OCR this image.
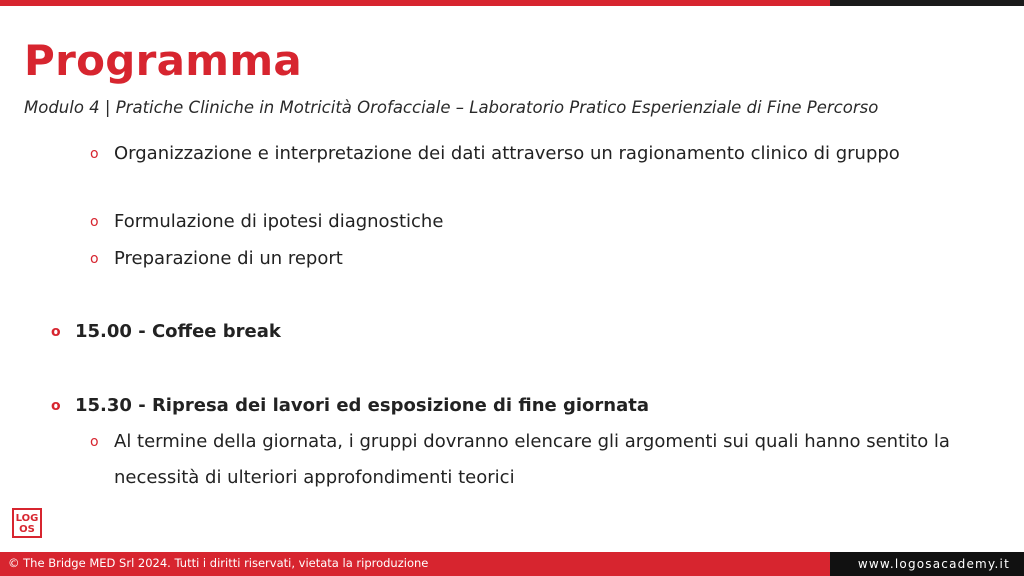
Programma

Modulo 4 | Pratiche Cliniche in Motricità Orofacciale – Laboratorio Pratico Esperienziale di Fine Percorso

o Organizzazione e interpretazione dei dati attraverso un ragionamento clinico di gruppo
o Formulazione di ipotesi diagnostiche
o Preparazione di un report
o 15.00 - Coffee break
o 15.30 - Ripresa dei lavori ed esposizione di fine giornata
o Al termine della giornata, i gruppi dovranno elencare gli argomenti sui quali hanno sentito la necessità di ulteriori approfondimenti teorici
LOG
OS
© The Bridge MED Srl 2024. Tutti i diritti riservati, vietata la riproduzione	www.logosacademy.it
